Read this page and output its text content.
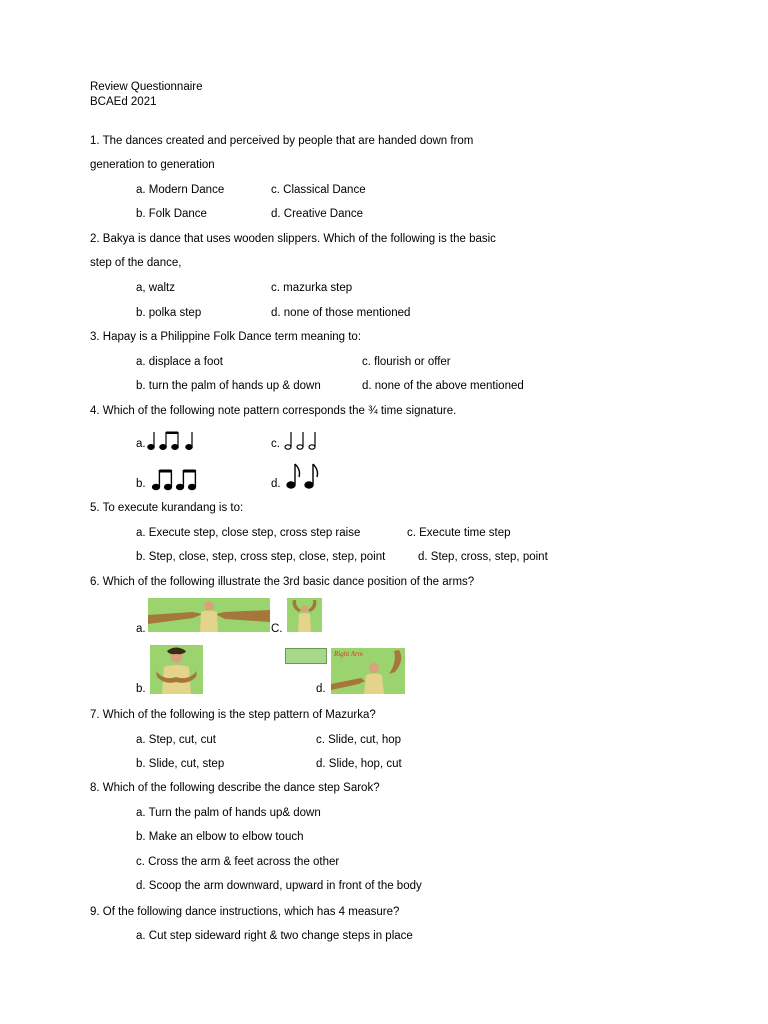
Review Questionnaire
BCAEd 2021
1. The dances created and perceived by people that are handed down from
generation to generation
a. Modern Dance	c. Classical Dance
b. Folk Dance	d. Creative Dance
2. Bakya is dance that uses wooden slippers. Which of the following is the basic
step of the dance,
a, waltz	c. mazurka step
b. polka step	d. none of those mentioned
3. Hapay is a Philippine Folk Dance term meaning to:
a. displace a foot	c. flourish or offer
b. turn the palm of hands up & down	d. none of the above mentioned
4. Which of the following note pattern corresponds the ¾ time signature.
a.	c.
b.	d.
5. To execute kurandang is to:
a. Execute step, close step, cross step raise	c. Execute time step
b. Step, close, step, cross step, close, step, point	d. Step, cross, step, point
6. Which of the following illustrate the 3rd basic dance position of the arms?
a.	C.
b.	d.
Right Arm
7. Which of the following is the step pattern of Mazurka?
a. Step, cut, cut	c. Slide, cut, hop
b. Slide, cut, step	d. Slide, hop, cut
8. Which of the following describe the dance step Sarok?
a. Turn the palm of hands up& down
b. Make an elbow to elbow touch
c. Cross the arm & feet across the other
d. Scoop the arm downward, upward in front of the body
9. Of the following dance instructions, which has 4 measure?
a. Cut step sideward right & two change steps in place
